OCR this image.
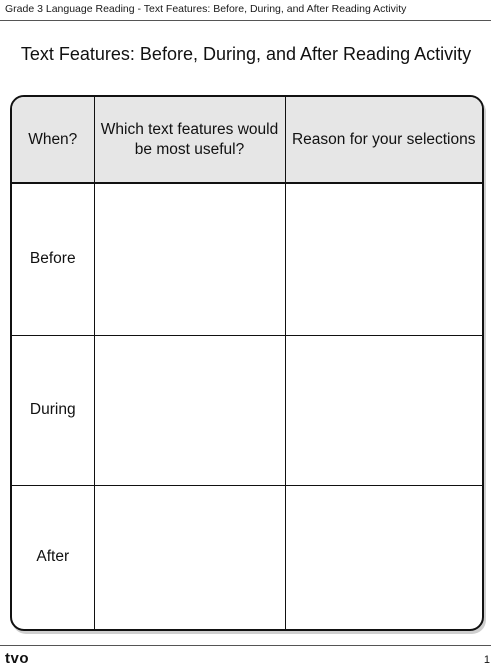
Grade 3 Language Reading - Text Features: Before, During, and After Reading Activity
Text Features: Before, During, and After Reading Activity
When?	Which text features would be most useful?	Reason for your selections
Before		
During		
After		
tvo	1
